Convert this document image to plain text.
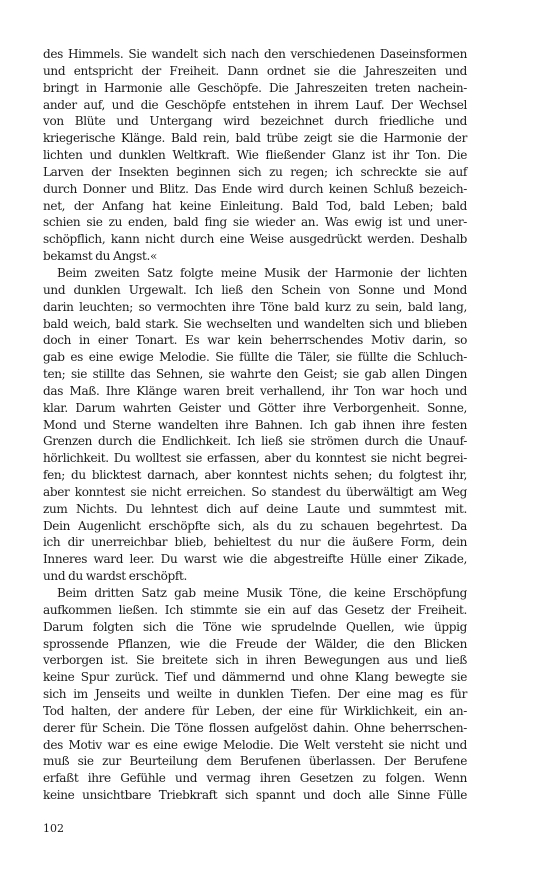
des Himmels. Sie wandelt sich nach den verschiedenen Daseinsformen
und entspricht der Freiheit. Dann ordnet sie die Jahreszeiten und
bringt in Harmonie alle Geschöpfe. Die Jahreszeiten treten nachein-
ander auf, und die Geschöpfe entstehen in ihrem Lauf. Der Wechsel
von Blüte und Untergang wird bezeichnet durch friedliche und
kriegerische Klänge. Bald rein, bald trübe zeigt sie die Harmonie der
lichten und dunklen Weltkraft. Wie fließender Glanz ist ihr Ton. Die
Larven der Insekten beginnen sich zu regen; ich schreckte sie auf
durch Donner und Blitz. Das Ende wird durch keinen Schluß bezeich-
net, der Anfang hat keine Einleitung. Bald Tod, bald Leben; bald
schien sie zu enden, bald fing sie wieder an. Was ewig ist und uner-
schöpflich, kann nicht durch eine Weise ausgedrückt werden. Deshalb
bekamst du Angst.«

Beim zweiten Satz folgte meine Musik der Harmonie der lichten
und dunklen Urgewalt. Ich ließ den Schein von Sonne und Mond
darin leuchten; so vermochten ihre Töne bald kurz zu sein, bald lang,
bald weich, bald stark. Sie wechselten und wandelten sich und blieben
doch in einer Tonart. Es war kein beherrschendes Motiv darin, so
gab es eine ewige Melodie. Sie füllte die Täler, sie füllte die Schluch-
ten; sie stillte das Sehnen, sie wahrte den Geist; sie gab allen Dingen
das Maß. Ihre Klänge waren breit verhallend, ihr Ton war hoch und
klar. Darum wahrten Geister und Götter ihre Verborgenheit. Sonne,
Mond und Sterne wandelten ihre Bahnen. Ich gab ihnen ihre festen
Grenzen durch die Endlichkeit. Ich ließ sie strömen durch die Unauf-
hörlichkeit. Du wolltest sie erfassen, aber du konntest sie nicht begrei-
fen; du blicktest darnach, aber konntest nichts sehen; du folgtest ihr,
aber konntest sie nicht erreichen. So standest du überwältigt am Weg
zum Nichts. Du lehntest dich auf deine Laute und summtest mit.
Dein Augenlicht erschöpfte sich, als du zu schauen begehrtest. Da
ich dir unerreichbar blieb, behieltest du nur die äußere Form, dein
Inneres ward leer. Du warst wie die abgestreifte Hülle einer Zikade,
und du wardst erschöpft.

Beim dritten Satz gab meine Musik Töne, die keine Erschöpfung
aufkommen ließen. Ich stimmte sie ein auf das Gesetz der Freiheit.
Darum folgten sich die Töne wie sprudelnde Quellen, wie üppig
sprossende Pflanzen, wie die Freude der Wälder, die den Blicken
verborgen ist. Sie breitete sich in ihren Bewegungen aus und ließ
keine Spur zurück. Tief und dämmernd und ohne Klang bewegte sie
sich im Jenseits und weilte in dunklen Tiefen. Der eine mag es für
Tod halten, der andere für Leben, der eine für Wirklichkeit, ein an-
derer für Schein. Die Töne flossen aufgelöst dahin. Ohne beherrschen-
des Motiv war es eine ewige Melodie. Die Welt versteht sie nicht und
muß sie zur Beurteilung dem Berufenen überlassen. Der Berufene
erfaßt ihre Gefühle und vermag ihren Gesetzen zu folgen. Wenn
keine unsichtbare Triebkraft sich spannt und doch alle Sinne Fülle

102
